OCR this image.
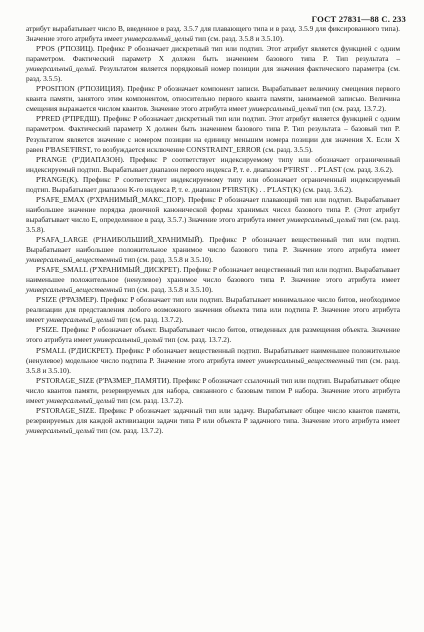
ГОСТ 27831—88 С. 233

атрибут вырабатывает число B, введенное в разд. 3.5.7 для плавающего типа и в разд. 3.5.9 для фиксированного типа). Значение этого атрибута имеет универсальный_целый тип (см. разд. 3.5.8 и 3.5.10).

P'POS (P'ПОЗИЦ). Префикс P обозначает дискретный тип или подтип. Этот атрибут является функцией с одним параметром. Фактический параметр X должен быть значением базового типа P. Тип результата – универсальный_целый. Результатом является порядковый номер позиции для значения фактического параметра (см. разд. 3.5.5).

P'POSITION (P'ПОЗИЦИЯ). Префикс P обозначает компонент записи. Вырабатывает величину смещения первого кванта памяти, занятого этим компонентом, относительно первого кванта памяти, занимаемой записью. Величина смещения выражается числом квантов. Значение этого атрибута имеет универсальный_целый тип (см. разд. 13.7.2).

P'PRED (P'ПРЕДШ). Префикс P обозначает дискретный тип или подтип. Этот атрибут является функцией с одним параметром. Фактический параметр X должен быть значением базового типа P. Тип результата – базовый тип P. Результатом является значение с номером позиции на единицу меньшим номера позиции для значения X. Если X равен P'BASE'FIRST, то возбуждается исключение CONSTRAINT_ERROR (см. разд. 3.5.5).

P'RANGE (P'ДИАПАЗОН). Префикс P соответствует индексируемому типу или обозначает ограниченный индексируемый подтип. Вырабатывает диапазон первого индекса P, т. е. диапазон P'FIRST . . P'LAST (см. разд. 3.6.2).

P'RANGE(K). Префикс P соответствует индексируемому типу или обозначает ограниченный индексируемый подтип. Вырабатывает диапазон K-го индекса P, т. е. диапазон P'FIRST(K) . . P'LAST(K) (см. разд. 3.6.2).

P'SAFE_EMAX (P'ХРАНИМЫЙ_МАКС_ПОР). Префикс P обозначает плавающий тип или подтип. Вырабатывает наибольшее значение порядка двоичной канонической формы хранимых чисел базового типа P. (Этот атрибут вырабатывает число E, определенное в разд. 3.5.7.) Значение этого атрибута имеет универсальный_целый тип (см. разд. 3.5.8).

P'SAFA_LARGE (P'НАИБОЛЬШИЙ_ХРАНИМЫЙ). Префикс P обозначает вещественный тип или подтип. Вырабатывает наибольшее положительное хранимое число базового типа P. Значение этого атрибута имеет универсальный_вещественный тип (см. разд. 3.5.8 и 3.5.10).

P'SAFE_SMALL (P'ХРАНИМЫЙ_ДИСКРЕТ). Префикс P обозначает вещественный тип или подтип. Вырабатывает наименьшее положительное (ненулевое) хранимое число базового типа P. Значение этого атрибута имеет универсальный_вещественный тип (см. разд. 3.5.8 и 3.5.10).

P'SIZE (P'РАЗМЕР). Префикс P обозначает тип или подтип. Вырабатывает минимальное число битов, необходимое реализации для представления любого возможного значения объекта типа или подтипа P. Значение этого атрибута имеет универсальный_целый тип (см. разд. 13.7.2).

P'SIZE. Префикс P обозначает объект. Вырабатывает число битов, отведенных для размещения объекта. Значение этого атрибута имеет универсальный_целый тип (см. разд. 13.7.2).

P'SMALL (P'ДИСКРЕТ). Префикс P обозначает вещественный подтип. Вырабатывает наименьшее положительное (ненулевое) модельное число подтипа P. Значение этого атрибута имеет универсальный_вещественный тип (см. разд. 3.5.8 и 3.5.10).

P'STORAGE_SIZE (P'РАЗМЕР_ПАМЯТИ). Префикс P обозначает ссылочный тип или подтип. Вырабатывает общее число квантов памяти, резервируемых для набора, связанного с базовым типом P набора. Значение этого атрибута имеет универсальный_целый тип (см. разд. 13.7.2).

P'STORAGE_SIZE. Префикс P обозначает задачный тип или задачу. Вырабатывает общее число квантов памяти, резервируемых для каждой активизации задачи типа P или объекта P задачного типа. Значение этого атрибута имеет универсальный_целый тип (см. разд. 13.7.2).
